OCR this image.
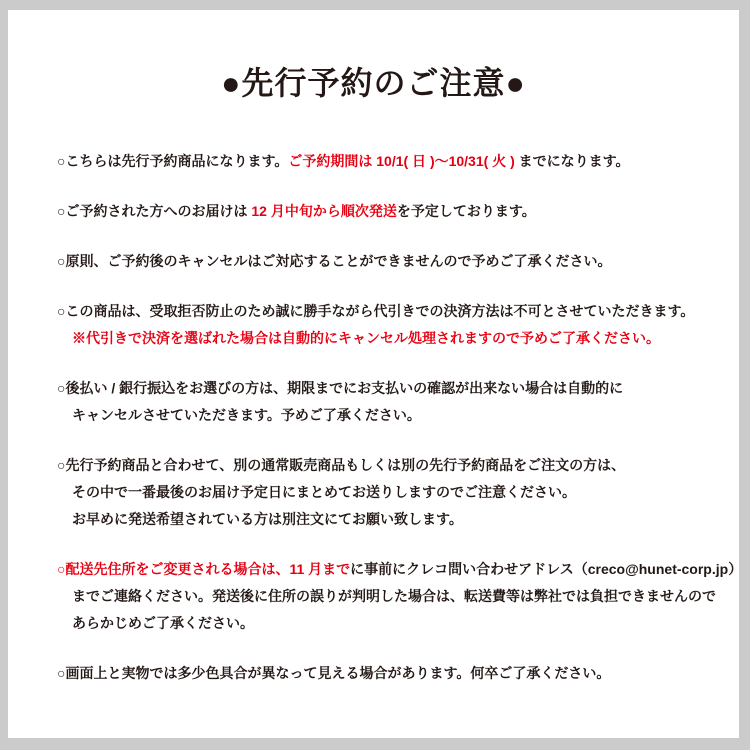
●先行予約のご注意●
○こちらは先行予約商品になります。ご予約期間は 10/1( 日 )～10/31( 火 ) までになります。
○ご予約された方へのお届けは 12 月中旬から順次発送を予定しております。
○原則、ご予約後のキャンセルはご対応することができませんので予めご了承ください。
○この商品は、受取拒否防止のため誠に勝手ながら代引きでの決済方法は不可とさせていただきます。
※代引きで決済を選ばれた場合は自動的にキャンセル処理されますので予めご了承ください。
○後払い / 銀行振込をお選びの方は、期限までにお支払いの確認が出来ない場合は自動的に
キャンセルさせていただきます。予めご了承ください。
○先行予約商品と合わせて、別の通常販売商品もしくは別の先行予約商品をご注文の方は、
その中で一番最後のお届け予定日にまとめてお送りしますのでご注意ください。
お早めに発送希望されている方は別注文にてお願い致します。
○配送先住所をご変更される場合は、11 月までに事前にクレコ問い合わせアドレス（creco@hunet-corp.jp）
までご連絡ください。発送後に住所の誤りが判明した場合は、転送費等は弊社では負担できませんので
あらかじめご了承ください。
○画面上と実物では多少色具合が異なって見える場合があります。何卒ご了承ください。
